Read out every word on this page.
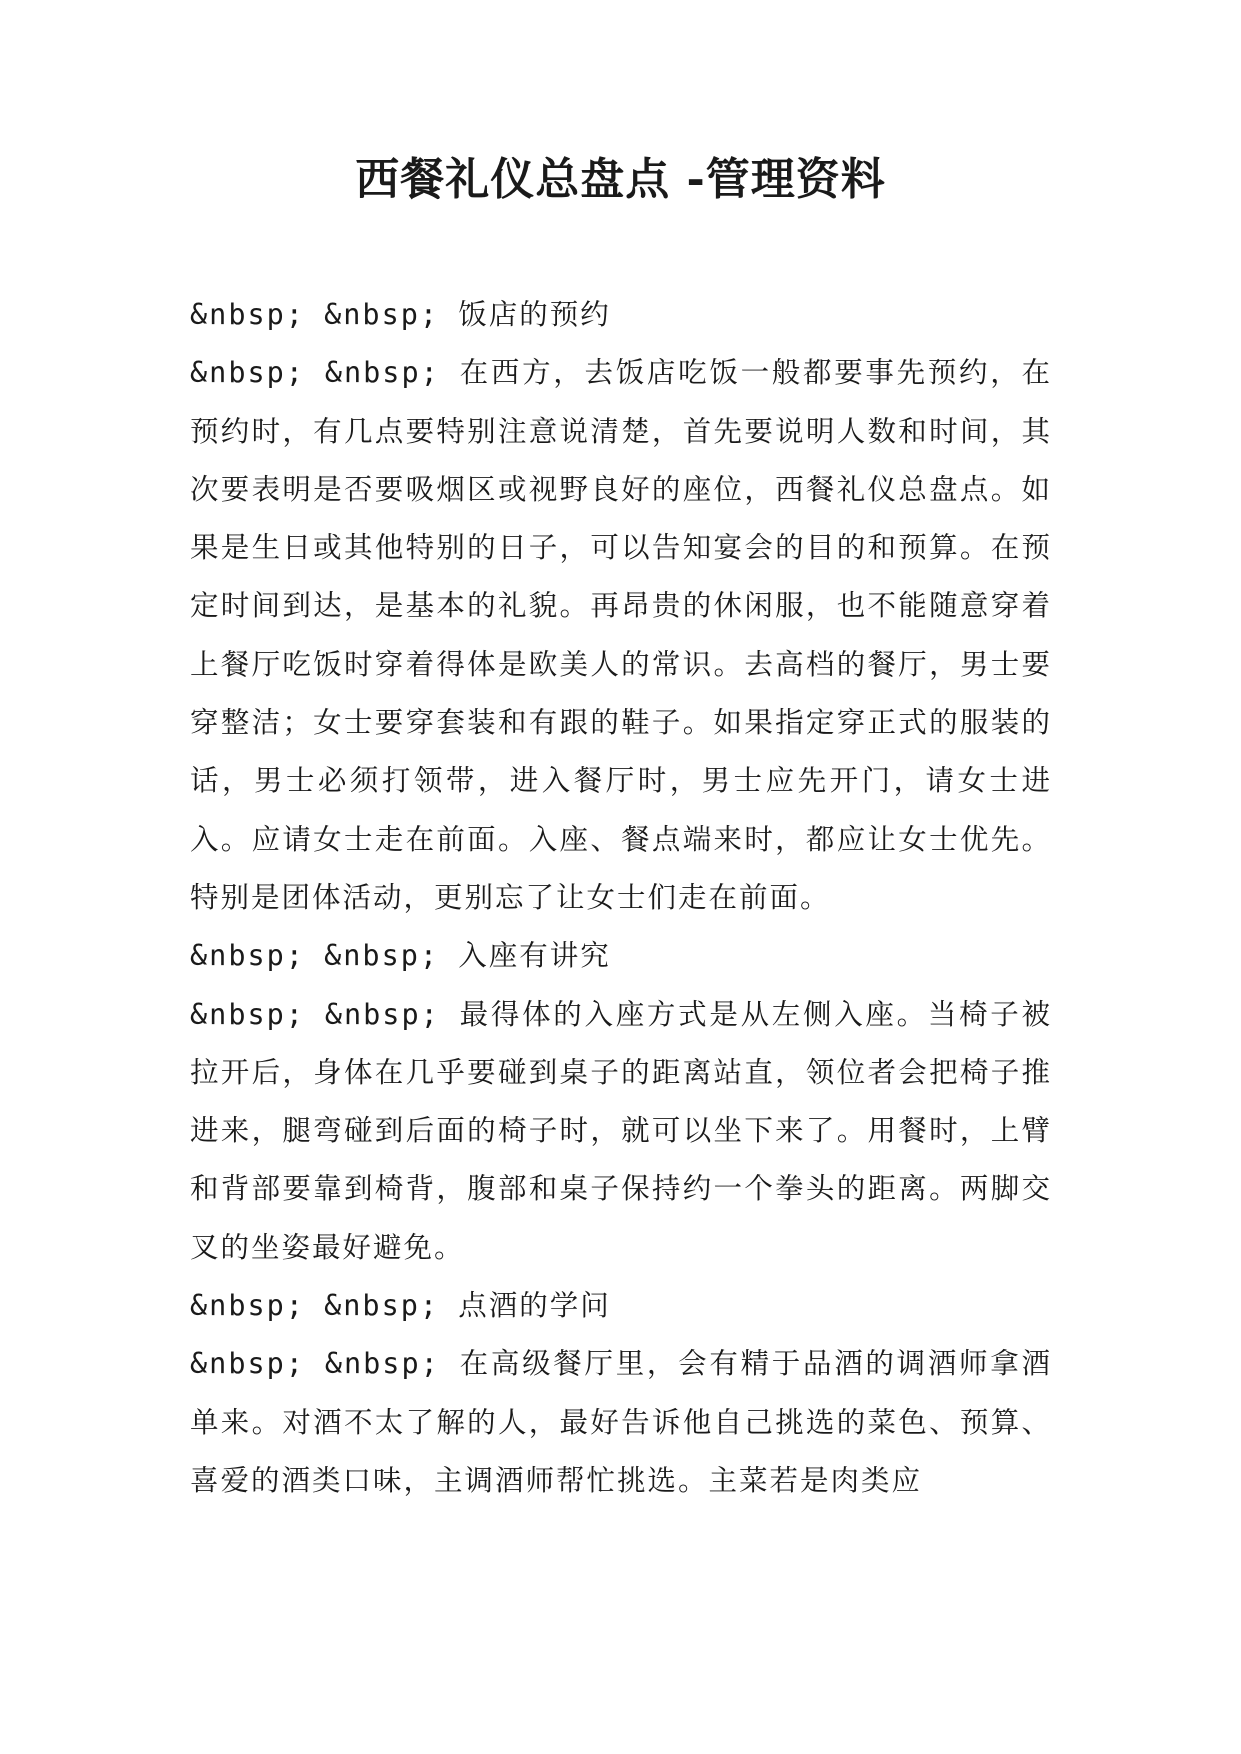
西餐礼仪总盘点 -管理资料

&nbsp; &nbsp; 饭店的预约

&nbsp; &nbsp; 在西方，去饭店吃饭一般都要事先预约，在预约时，有几点要特别注意说清楚，首先要说明人数和时间，其次要表明是否要吸烟区或视野良好的座位，西餐礼仪总盘点。如果是生日或其他特别的日子，可以告知宴会的目的和预算。在预定时间到达，是基本的礼貌。再昂贵的休闲服，也不能随意穿着上餐厅吃饭时穿着得体是欧美人的常识。去高档的餐厅，男士要穿整洁；女士要穿套装和有跟的鞋子。如果指定穿正式的服装的话，男士必须打领带，进入餐厅时，男士应先开门，请女士进入。应请女士走在前面。入座、餐点端来时，都应让女士优先。特别是团体活动，更别忘了让女士们走在前面。

&nbsp; &nbsp; 入座有讲究

&nbsp; &nbsp; 最得体的入座方式是从左侧入座。当椅子被拉开后，身体在几乎要碰到桌子的距离站直，领位者会把椅子推进来，腿弯碰到后面的椅子时，就可以坐下来了。用餐时，上臂和背部要靠到椅背，腹部和桌子保持约一个拳头的距离。两脚交叉的坐姿最好避免。

&nbsp; &nbsp; 点酒的学问

&nbsp; &nbsp; 在高级餐厅里，会有精于品酒的调酒师拿酒单来。对酒不太了解的人，最好告诉他自己挑选的菜色、预算、喜爱的酒类口味，主调酒师帮忙挑选。主菜若是肉类应
